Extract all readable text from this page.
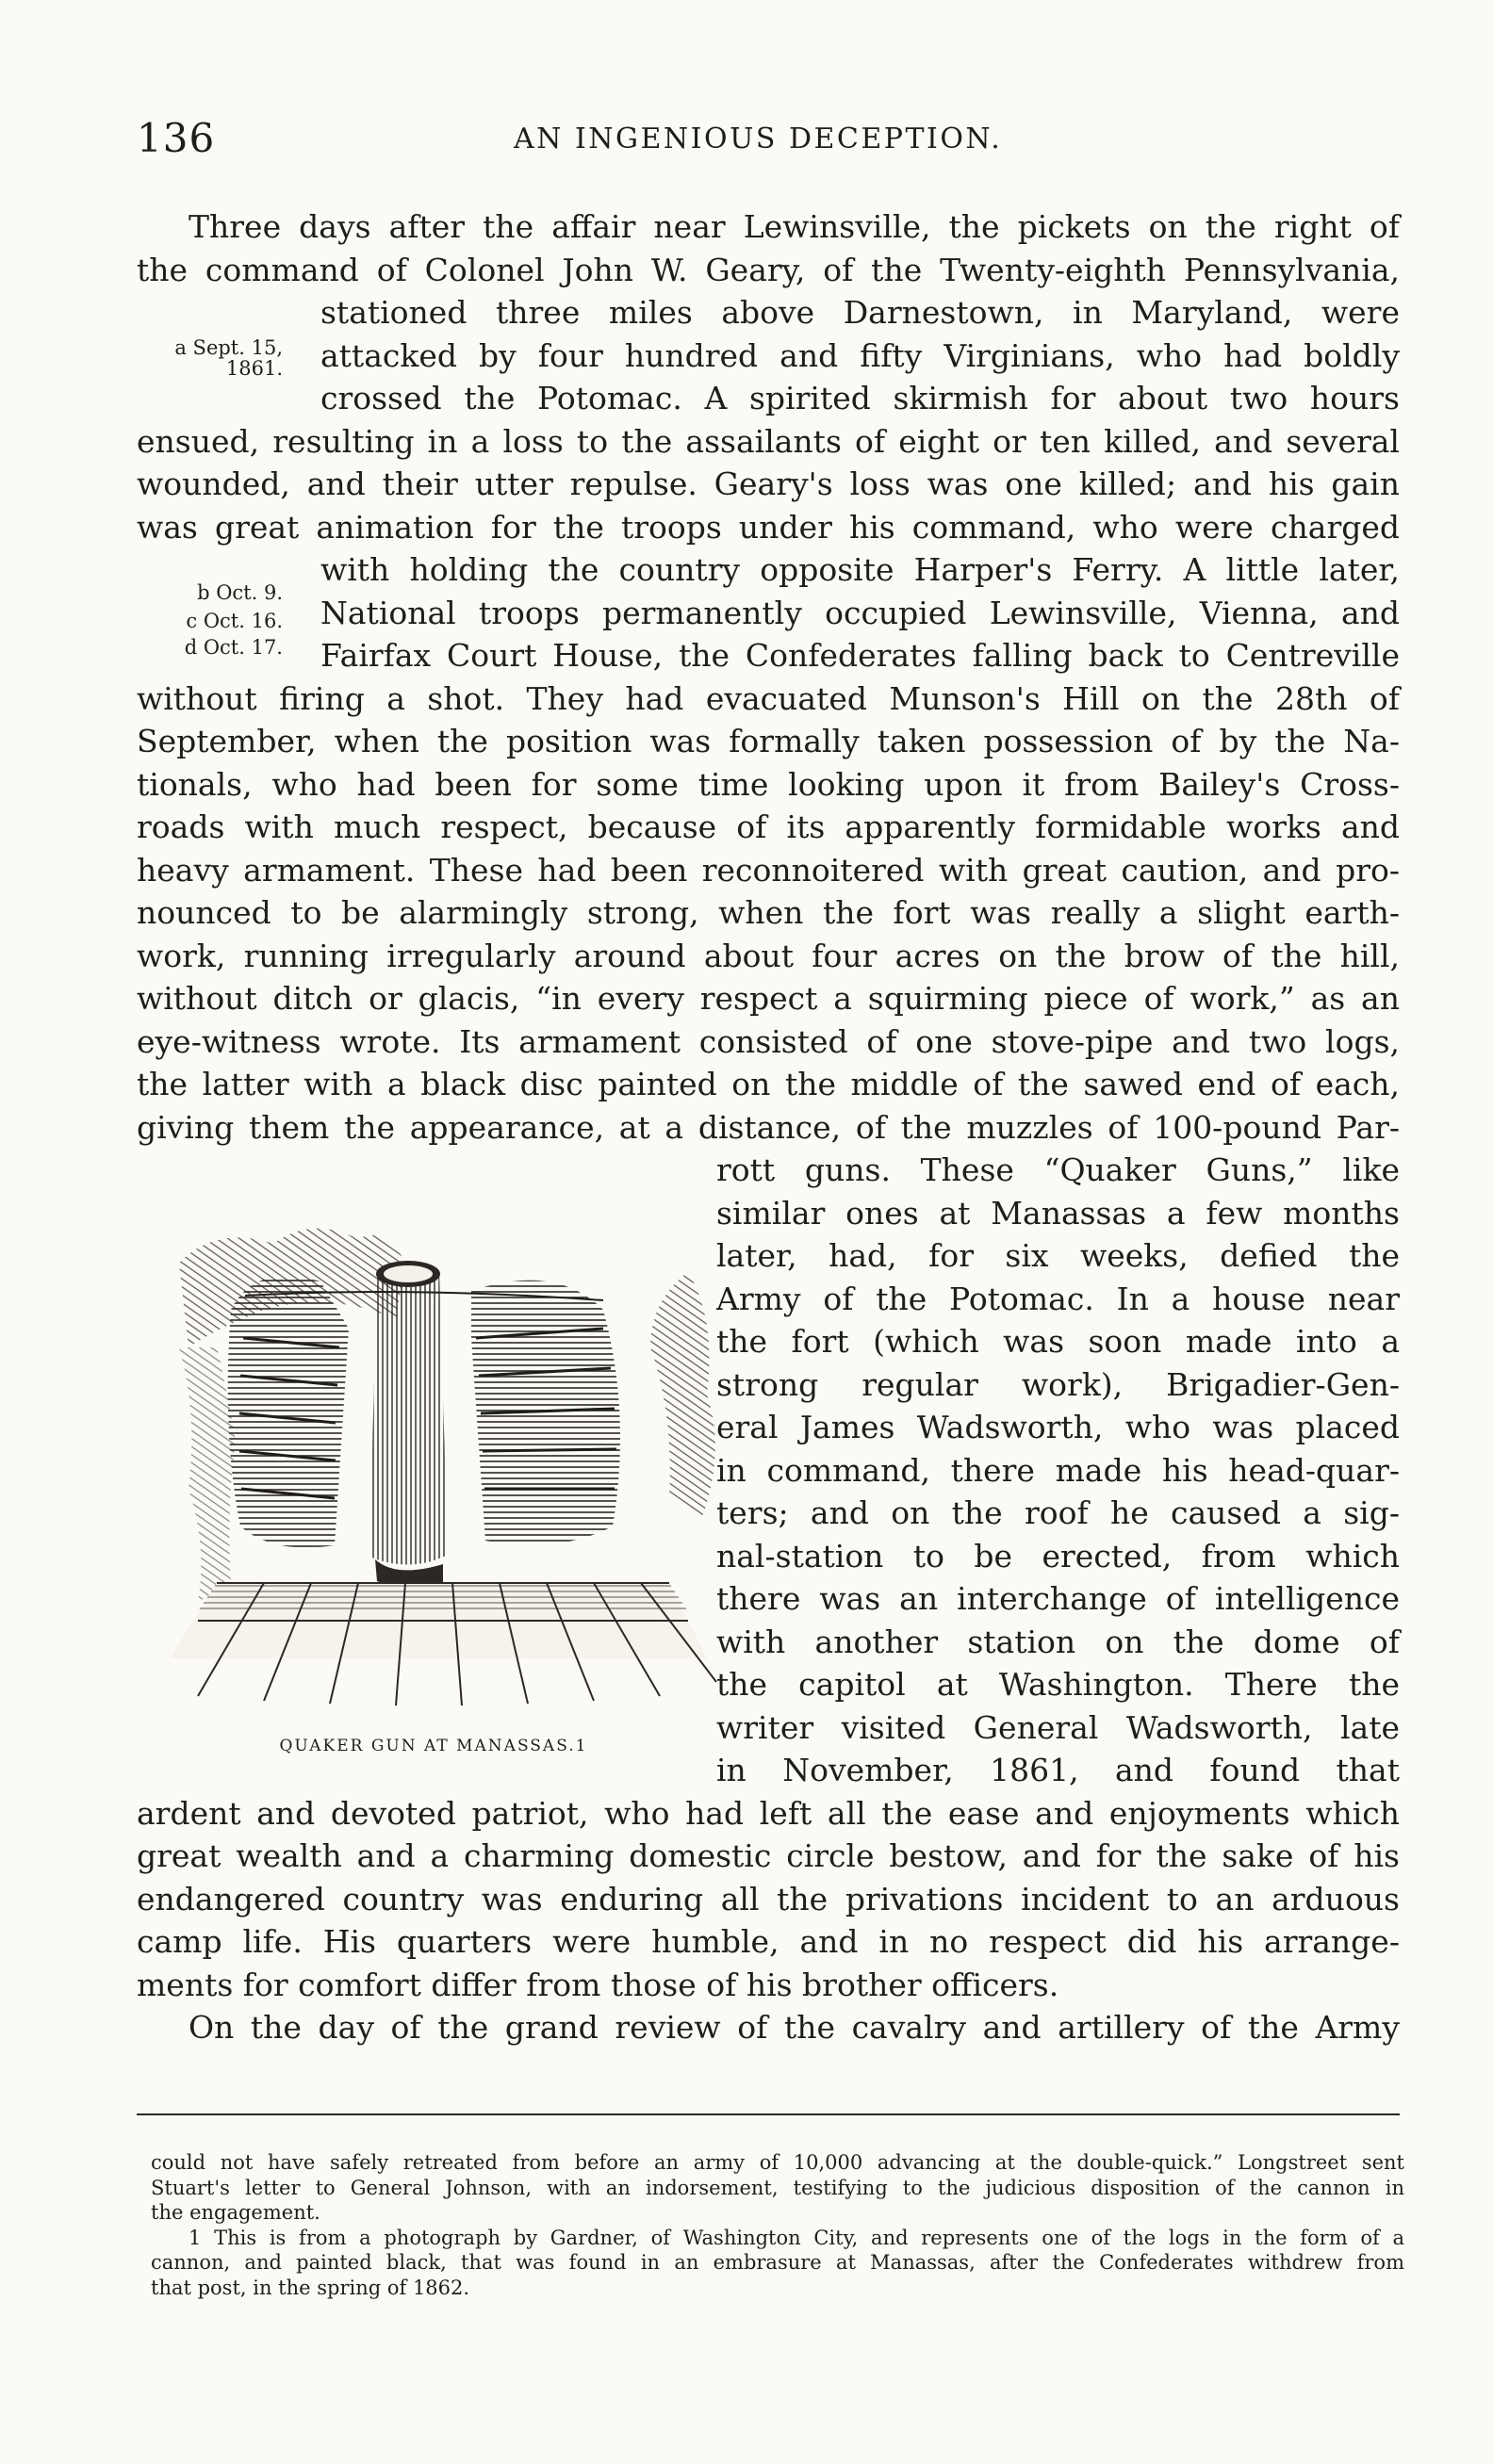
136	AN INGENIOUS DECEPTION.
a Sept. 15, 1861.
b Oct. 9.
c Oct. 16.
d Oct. 17.
Three days after the affair near Lewinsville, the pickets on the right of
the command of Colonel John W. Geary, of the Twenty-eighth Pennsylvania,
stationed three miles above Darnestown, in Maryland, were
attacked by four hundred and fifty Virginians, who had boldly
crossed the Potomac. A spirited skirmish for about two hours
ensued, resulting in a loss to the assailants of eight or ten killed, and several
wounded, and their utter repulse. Geary's loss was one killed; and his gain
was great animation for the troops under his command, who were charged
with holding the country opposite Harper's Ferry. A little later,
National troops permanently occupied Lewinsville, Vienna, and
Fairfax Court House, the Confederates falling back to Centreville
without firing a shot. They had evacuated Munson's Hill on the 28th of
September, when the position was formally taken possession of by the Na-
tionals, who had been for some time looking upon it from Bailey's Cross-
roads with much respect, because of its apparently formidable works and
heavy armament. These had been reconnoitered with great caution, and pro-
nounced to be alarmingly strong, when the fort was really a slight earth-
work, running irregularly around about four acres on the brow of the hill,
without ditch or glacis, “in every respect a squirming piece of work,” as an
eye-witness wrote. Its armament consisted of one stove-pipe and two logs,
the latter with a black disc painted on the middle of the sawed end of each,
giving them the appearance, at a distance, of the muzzles of 100-pound Par-
rott guns. These “Quaker Guns,” like
similar ones at Manassas a few months
later, had, for six weeks, defied the
Army of the Potomac. In a house near
the fort (which was soon made into a
strong regular work), Brigadier-Gen-
eral James Wadsworth, who was placed
in command, there made his head-quar-
ters; and on the roof he caused a sig-
nal-station to be erected, from which
there was an interchange of intelligence
with another station on the dome of
the capitol at Washington. There the
writer visited General Wadsworth, late
in November, 1861, and found that
ardent and devoted patriot, who had left all the ease and enjoyments which
great wealth and a charming domestic circle bestow, and for the sake of his
endangered country was enduring all the privations incident to an arduous
camp life. His quarters were humble, and in no respect did his arrange-
ments for comfort differ from those of his brother officers.
On the day of the grand review of the cavalry and artillery of the Army
QUAKER GUN AT MANASSAS.1
could not have safely retreated from before an army of 10,000 advancing at the double-quick.” Longstreet sent
Stuart's letter to General Johnson, with an indorsement, testifying to the judicious disposition of the cannon in
the engagement.
1 This is from a photograph by Gardner, of Washington City, and represents one of the logs in the form of a
cannon, and painted black, that was found in an embrasure at Manassas, after the Confederates withdrew from
that post, in the spring of 1862.
